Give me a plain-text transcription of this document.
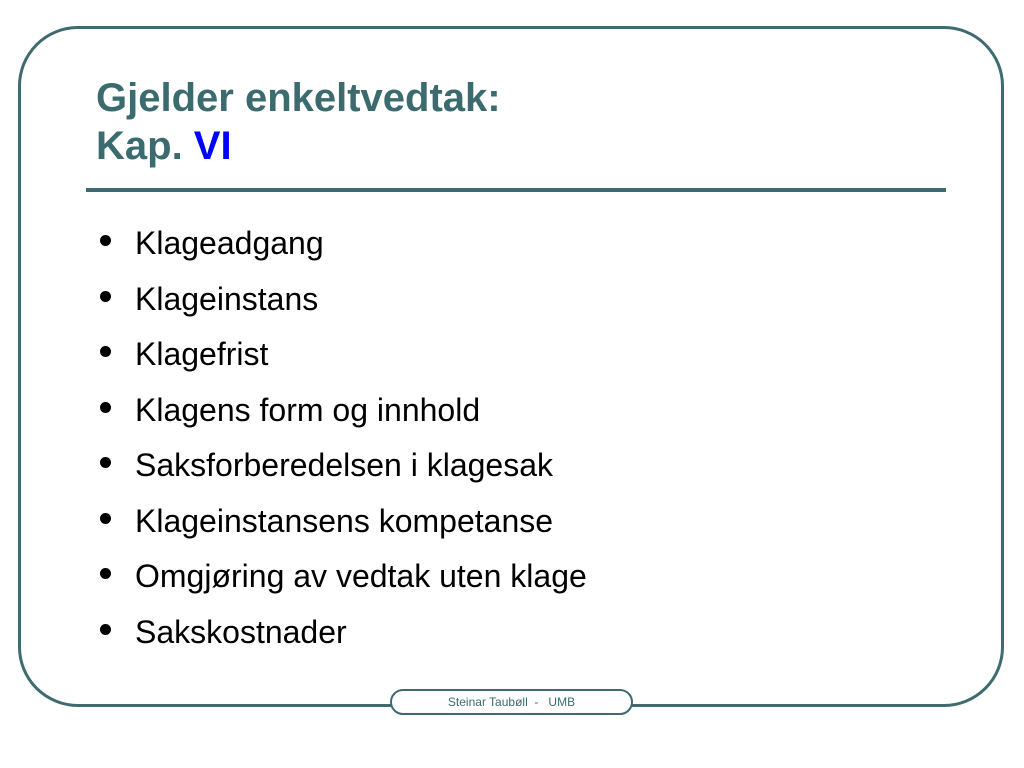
Gjelder enkeltvedtak:
Kap. VI
Klageadgang
Klageinstans
Klagefrist
Klagens form og innhold
Saksforberedelsen i klagesak
Klageinstansens kompetanse
Omgjøring av vedtak uten klage
Sakskostnader
Steinar Taubøll  -   UMB
